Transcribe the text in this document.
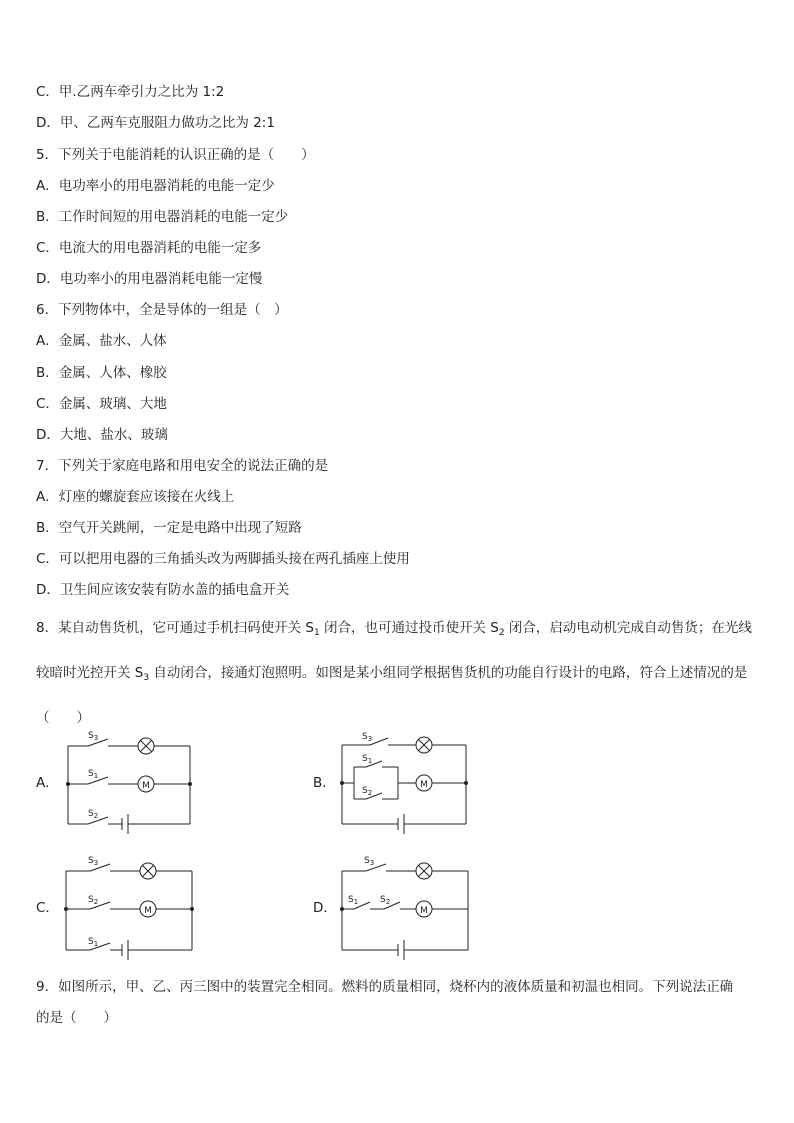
C．甲.乙两车牵引力之比为 1:2
D．甲、乙两车克服阻力做功之比为 2:1
5．下列关于电能消耗的认识正确的是（　　）
A．电功率小的用电器消耗的电能一定少
B．工作时间短的用电器消耗的电能一定少
C．电流大的用电器消耗的电能一定多
D．电功率小的用电器消耗电能一定慢
6．下列物体中，全是导体的一组是（　）
A．金属、盐水、人体
B．金属、人体、橡胶
C．金属、玻璃、大地
D．大地、盐水、玻璃
7．下列关于家庭电路和用电安全的说法正确的是
A．灯座的螺旋套应该接在火线上
B．空气开关跳闸，一定是电路中出现了短路
C．可以把用电器的三角插头改为两脚插头接在两孔插座上使用
D．卫生间应该安装有防水盖的插电盒开关
8．某自动售货机，它可通过手机扫码使开关 $S_1$ 闭合，也可通过投币使开关 $S_2$ 闭合，启动电动机完成自动售货；在光线较暗时光控开关 $S_3$ 自动闭合，接通灯泡照明。如图是某小组同学根据售货机的功能自行设计的电路，符合上述情况的是（　　）
A．
$S_3$
M
$S_1$
$S_2$
B．
$S_3$
$S_1$
$S_2$
M
C．
$S_3$
M
$S_2$
$S_1$
D．
$S_3$
M
$S_1$ $S_2$
9．如图所示，甲、乙、丙三图中的装置完全相同。燃料的质量相同，烧杯内的液体质量和初温也相同。下列说法正确
的是（　　）
